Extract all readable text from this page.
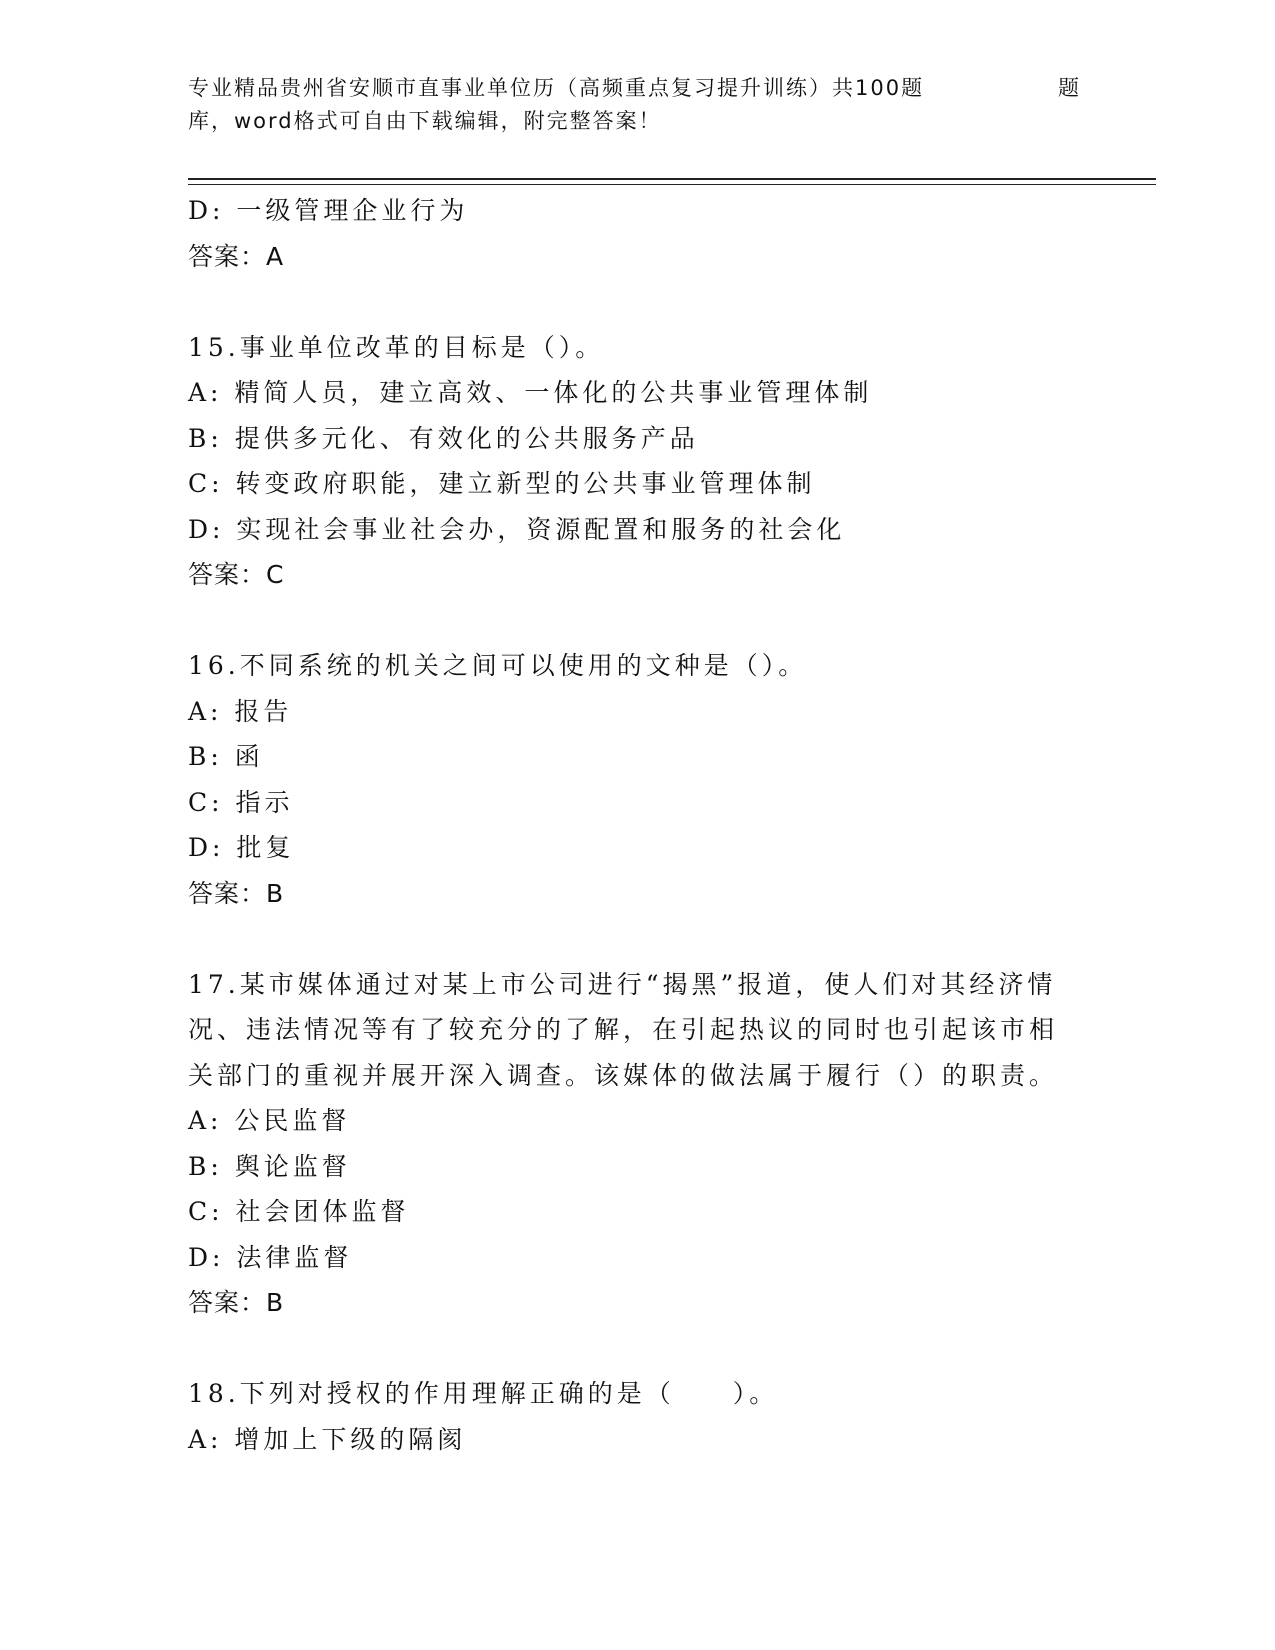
专业精品贵州省安顺市直事业单位历（高频重点复习提升训练）共100题	题
库，word格式可自由下载编辑，附完整答案！
D: 一级管理企业行为
答案：A
15.事业单位改革的目标是（）。
A: 精简人员，建立高效、一体化的公共事业管理体制
B: 提供多元化、有效化的公共服务产品
C: 转变政府职能，建立新型的公共事业管理体制
D: 实现社会事业社会办，资源配置和服务的社会化
答案：C
16.不同系统的机关之间可以使用的文种是（）。
A: 报告
B: 函
C: 指示
D: 批复
答案：B
17.某市媒体通过对某上市公司进行“揭黑”报道，使人们对其经济情
况、违法情况等有了较充分的了解，在引起热议的同时也引起该市相
关部门的重视并展开深入调查。该媒体的做法属于履行（）的职责。
A: 公民监督
B: 舆论监督
C: 社会团体监督
D: 法律监督
答案：B
18.下列对授权的作用理解正确的是（　　）。
A: 增加上下级的隔阂
